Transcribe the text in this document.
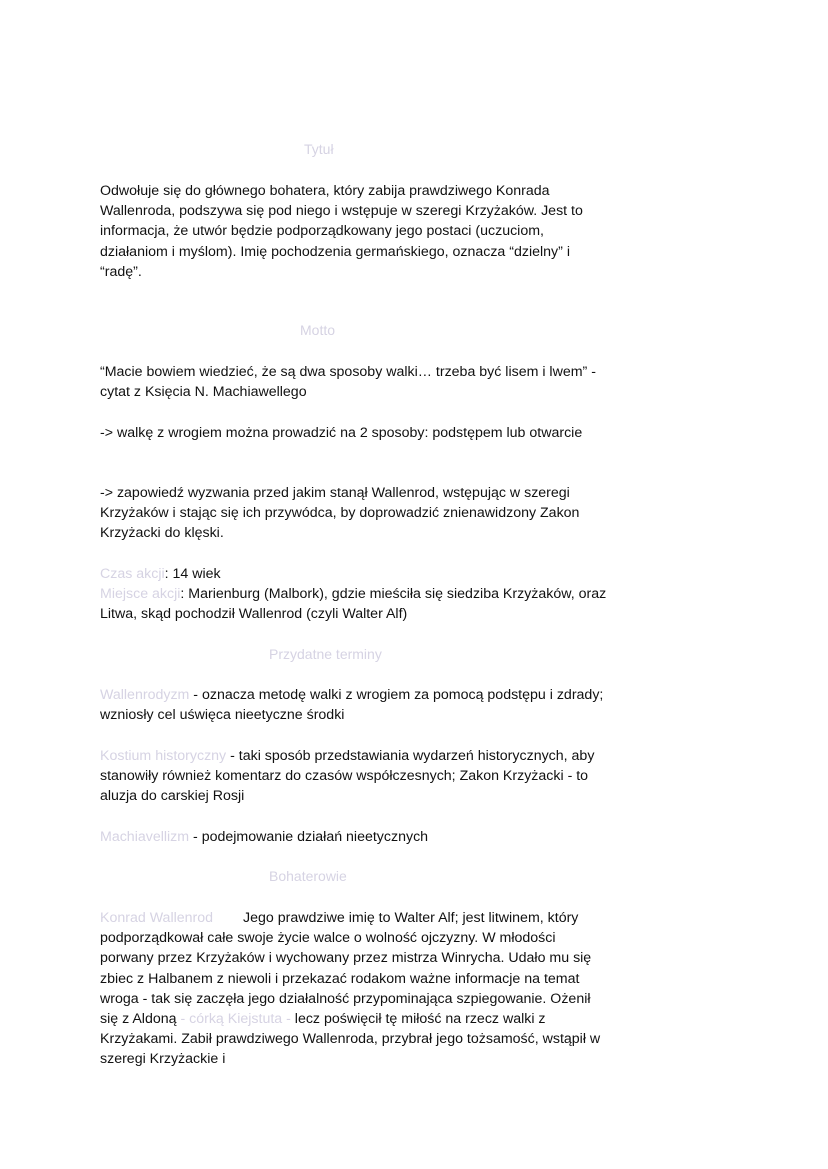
Tytuł

Odwołuje się do głównego bohatera, który zabija prawdziwego Konrada Wallenroda, podszywa się pod niego i wstępuje w szeregi Krzyżaków. Jest to informacja, że utwór będzie podporządkowany jego postaci (uczuciom, działaniom i myślom). Imię pochodzenia germańskiego, oznacza “dzielny” i “radę”.

Motto

“Macie bowiem wiedzieć, że są dwa sposoby walki… trzeba być lisem i lwem” - cytat z Księcia N. Machiawellego

-> walkę z wrogiem można prowadzić na 2 sposoby: podstępem lub otwarcie

-> zapowiedź wyzwania przed jakim stanął Wallenrod, wstępując w szeregi Krzyżaków i stając się ich przywódca, by doprowadzić znienawidzony Zakon Krzyżacki do klęski.

Czas akcji: 14 wiek
Miejsce akcji: Marienburg (Malbork), gdzie mieściła się siedziba Krzyżaków, oraz Litwa, skąd pochodził Wallenrod (czyli Walter Alf)

Przydatne terminy

Wallenrodyzm - oznacza metodę walki z wrogiem za pomocą podstępu i zdrady; wzniosły cel uświęca nieetyczne środki

Kostium historyczny - taki sposób przedstawiania wydarzeń historycznych, aby stanowiły również komentarz do czasów współczesnych; Zakon Krzyżacki - to aluzja do carskiej Rosji

Machiavellizm - podejmowanie działań nieetycznych

Bohaterowie

Konrad Wallenrod Jego prawdziwe imię to Walter Alf; jest litwinem, który podporządkował całe swoje życie walce o wolność ojczyzny. W młodości porwany przez Krzyżaków i wychowany przez mistrza Winrycha. Udało mu się zbiec z Halbanem z niewoli i przekazać rodakom ważne informacje na temat wroga - tak się zaczęła jego działalność przypominająca szpiegowanie. Ożenił się z Aldoną - córką Kiejstuta - lecz poświęcił tę miłość na rzecz walki z Krzyżakami. Zabił prawdziwego Wallenroda, przybrał jego tożsamość, wstąpił w szeregi Krzyżackie i
